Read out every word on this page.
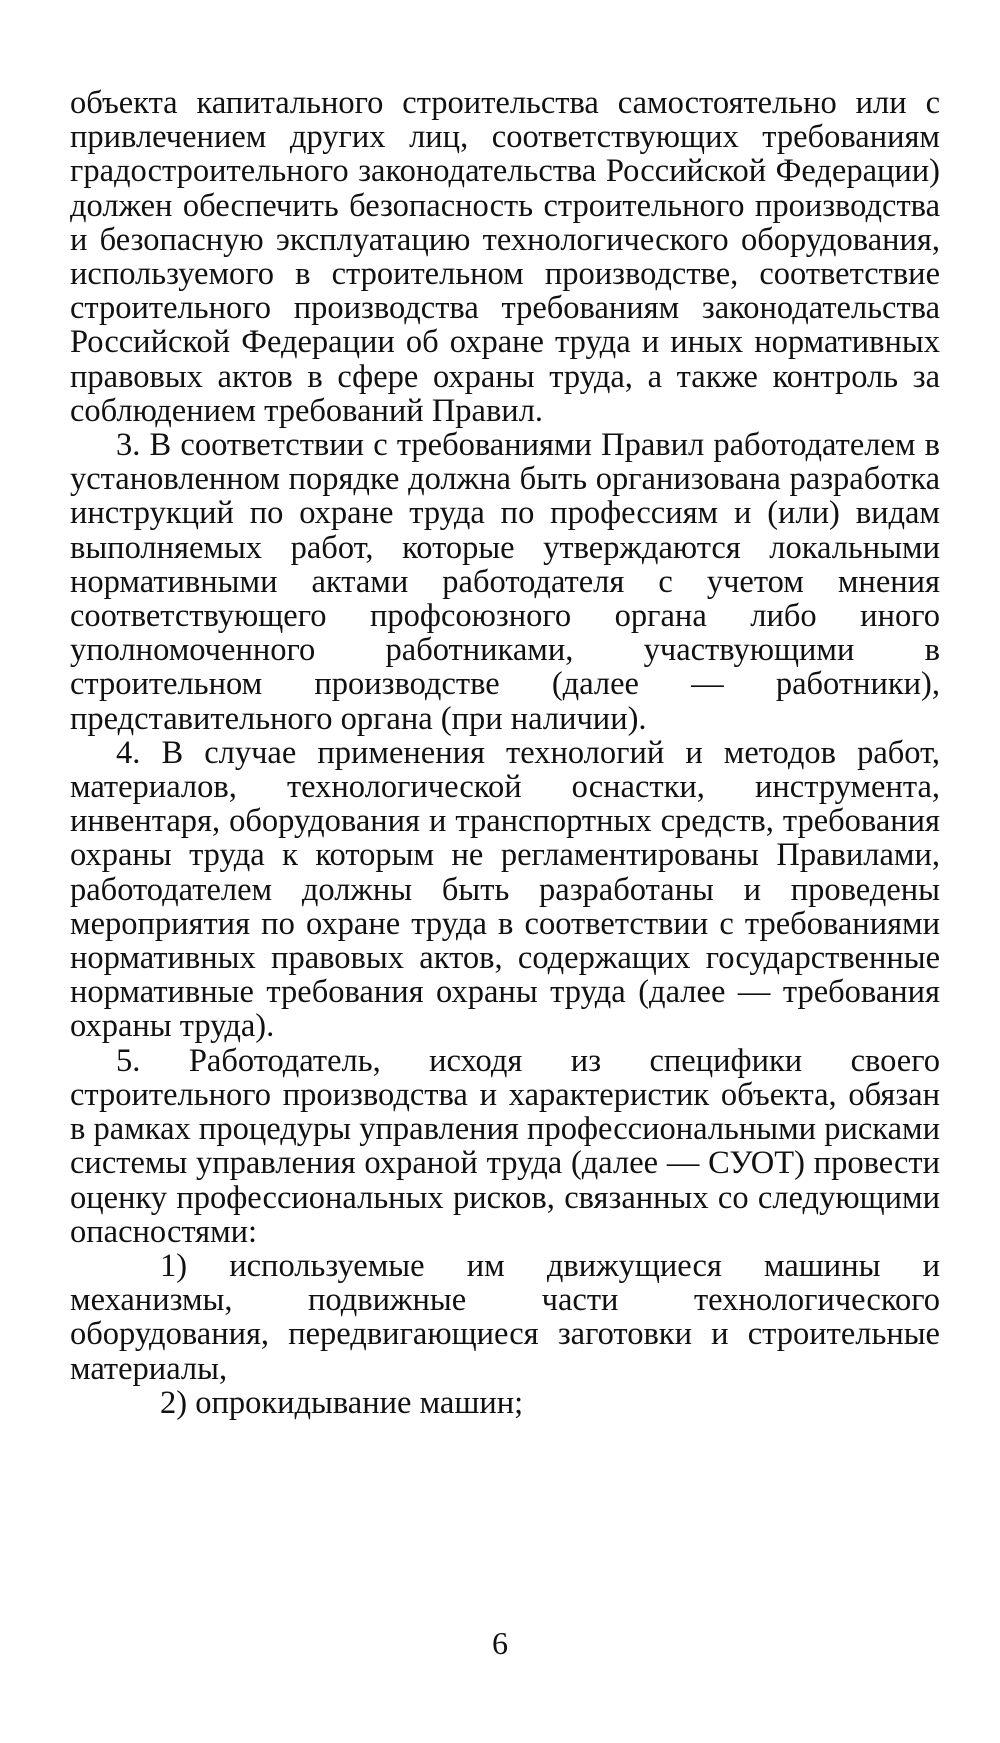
объекта капитального строительства самостоятельно или с привлечением других лиц, соответствующих требованиям градостроительного законодательства Российской Федерации) должен обеспечить безопасность строительного производства и безопасную эксплуатацию технологического оборудования, используемого в строительном производстве, соответствие строительного производства требованиям законодательства Российской Федерации об охране труда и иных нормативных правовых актов в сфере охраны труда, а также контроль за соблюдением требований Правил.

3. В соответствии с требованиями Правил работодателем в установленном порядке должна быть организована разработка инструкций по охране труда по профессиям и (или) видам выполняемых работ, которые утверждаются локальными нормативными актами работодателя с учетом мнения соответствующего профсоюзного органа либо иного уполномоченного работниками, участвующими в строительном производстве (далее — работники), представительного органа (при наличии).

4. В случае применения технологий и методов работ, материалов, технологической оснастки, инструмента, инвентаря, оборудования и транспортных средств, требования охраны труда к которым не регламентированы Правилами, работодателем должны быть разработаны и проведены мероприятия по охране труда в соответствии с требованиями нормативных правовых актов, содержащих государственные нормативные требования охраны труда (далее — требования охраны труда).

5. Работодатель, исходя из специфики своего строительного производства и характеристик объекта, обязан в рамках процедуры управления профессиональными рисками системы управления охраной труда (далее — СУОТ) провести оценку профессиональных рисков, связанных со следующими опасностями:

1) используемые им движущиеся машины и механизмы, подвижные части технологического оборудования, передвигающиеся заготовки и строительные материалы,

2) опрокидывание машин;

6
